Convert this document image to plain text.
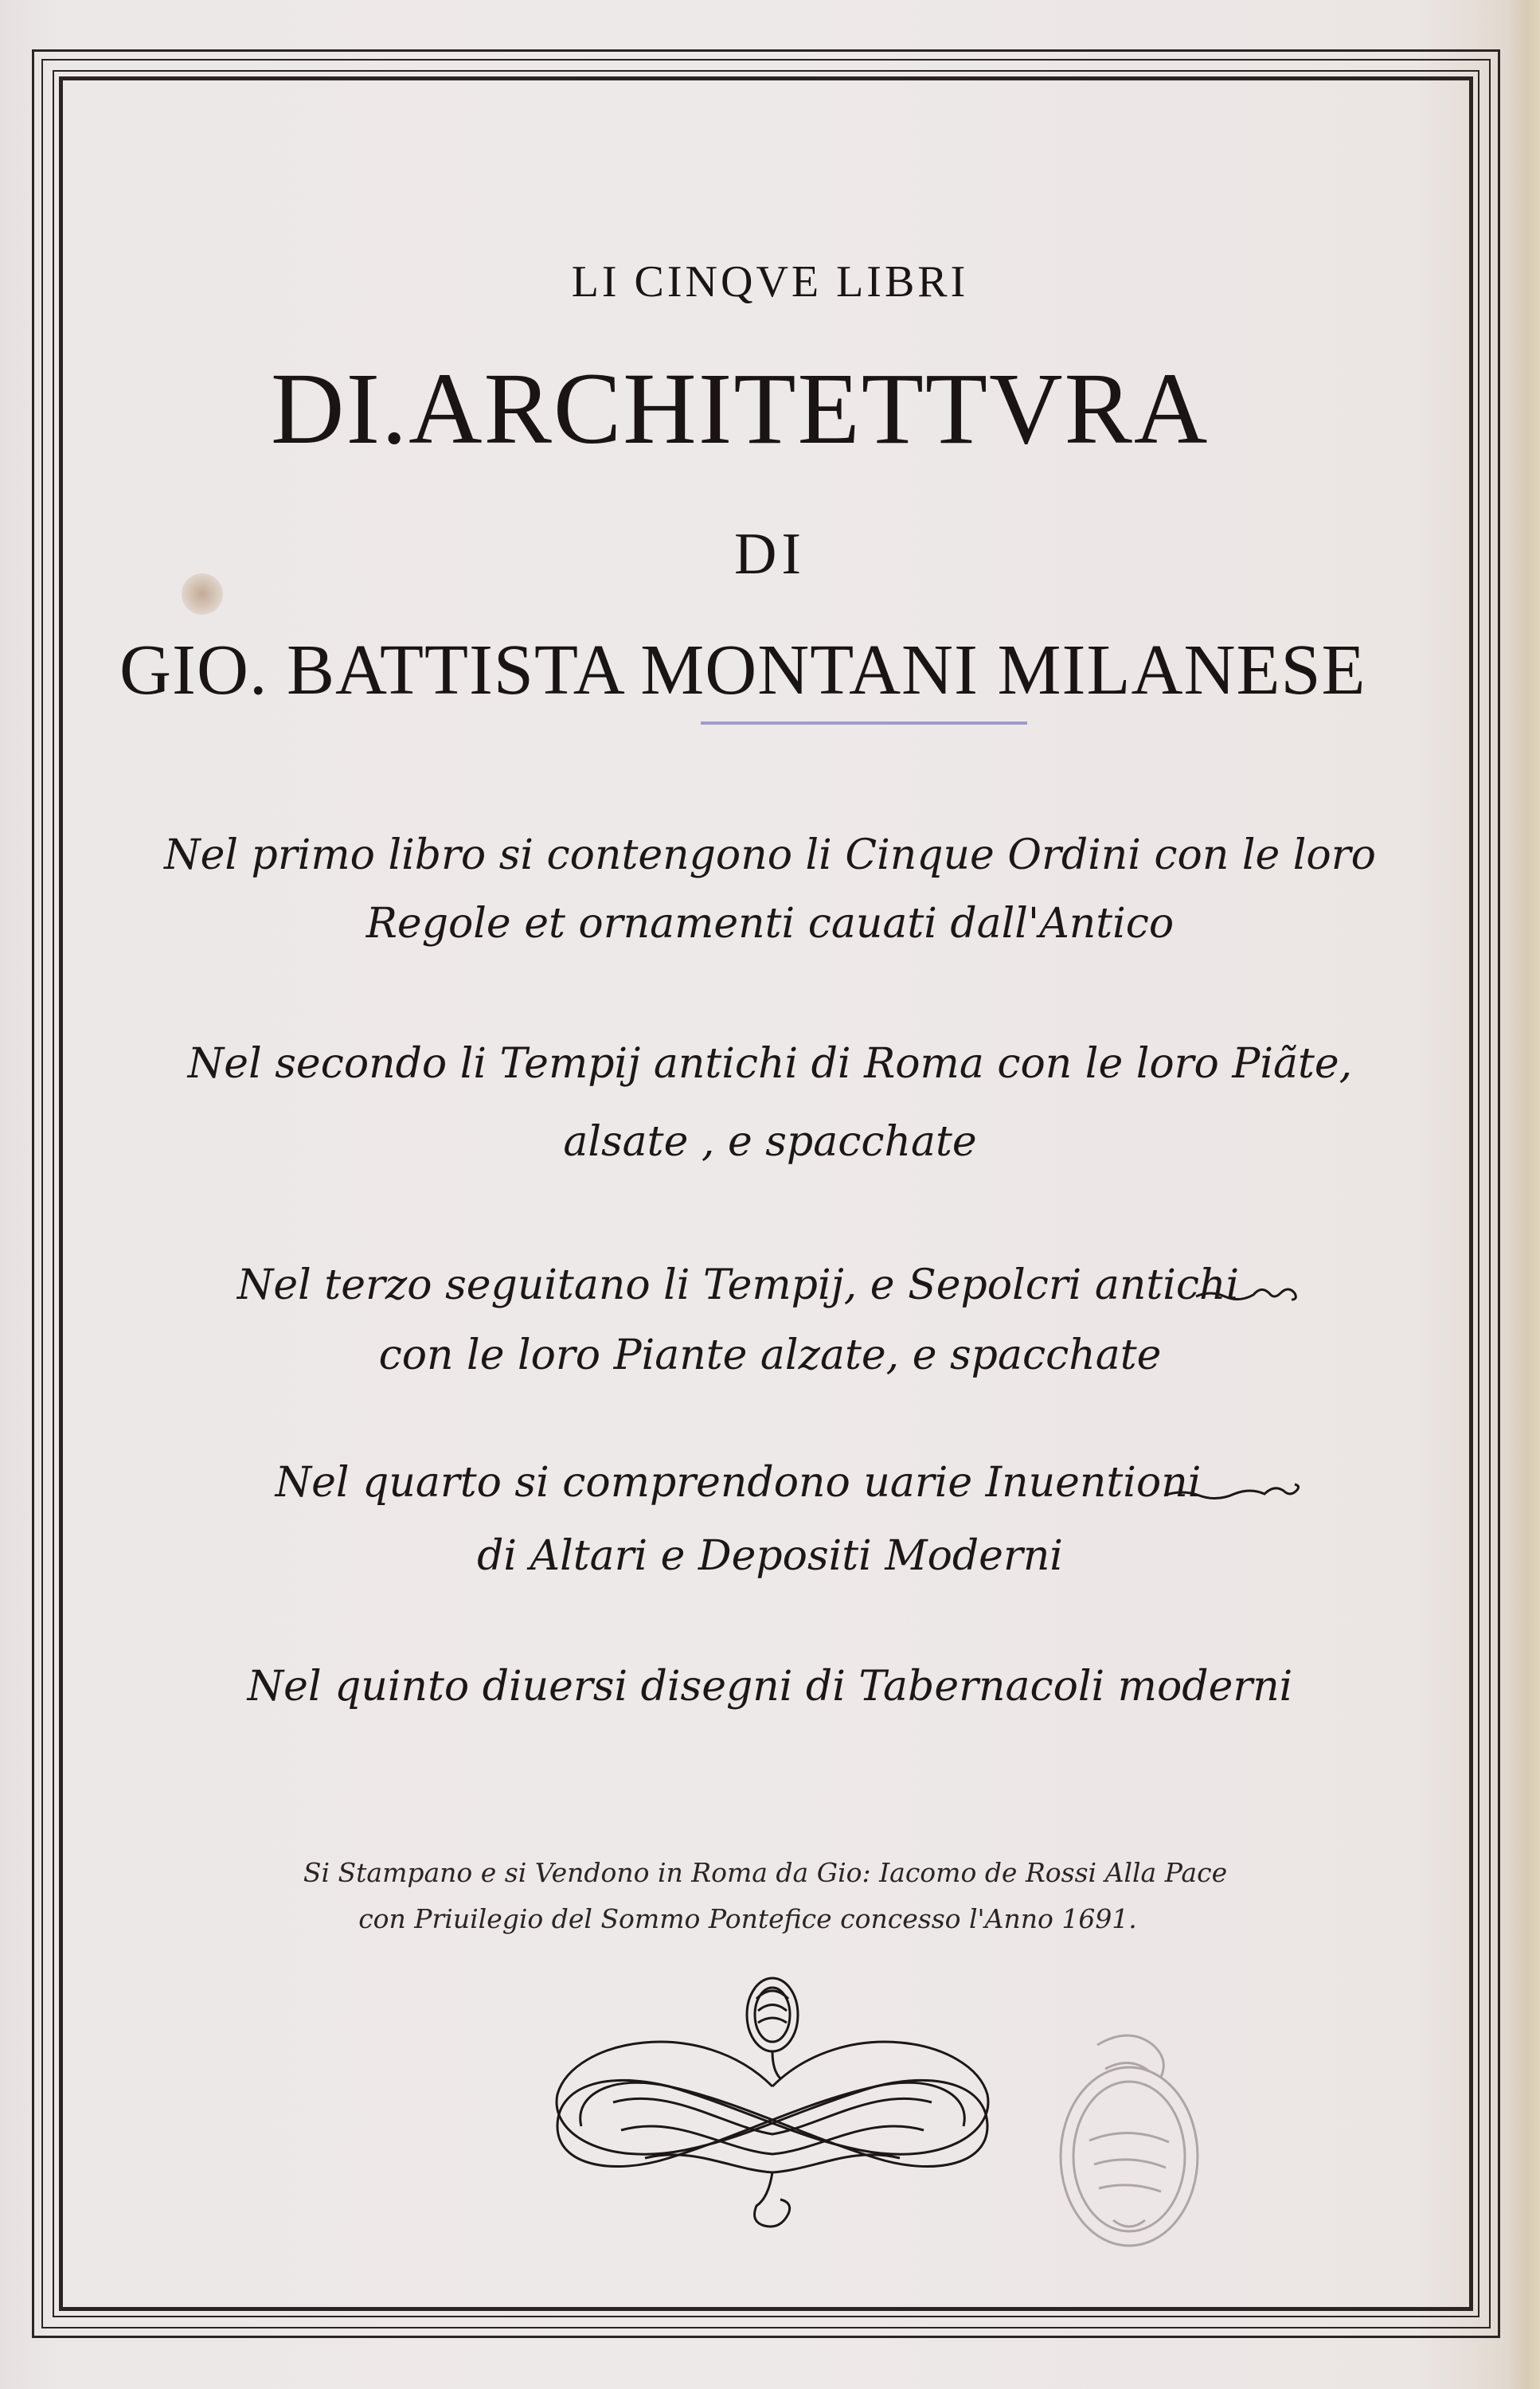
LI CINQVE LIBRI
DI.ARCHITETTVRA
DI
GIO. BATTISTA MONTANI MILANESE
Nel primo libro si contengono li Cinque Ordini con le loro
Regole et ornamenti cauati dall'Antico
Nel secondo li Tempij antichi di Roma con le loro Piãte,
alsate , e spacchate
Nel terzo seguitano li Tempij, e Sepolcri antichi
con le loro Piante alzate, e spacchate
Nel quarto si comprendono uarie Inuentioni
di Altari e Depositi Moderni
Nel quinto diuersi disegni di Tabernacoli moderni
Si Stampano e si Vendono in Roma da Gio: Iacomo de Rossi Alla Pace
con Priuilegio del Sommo Pontefice concesso l'Anno 1691.
